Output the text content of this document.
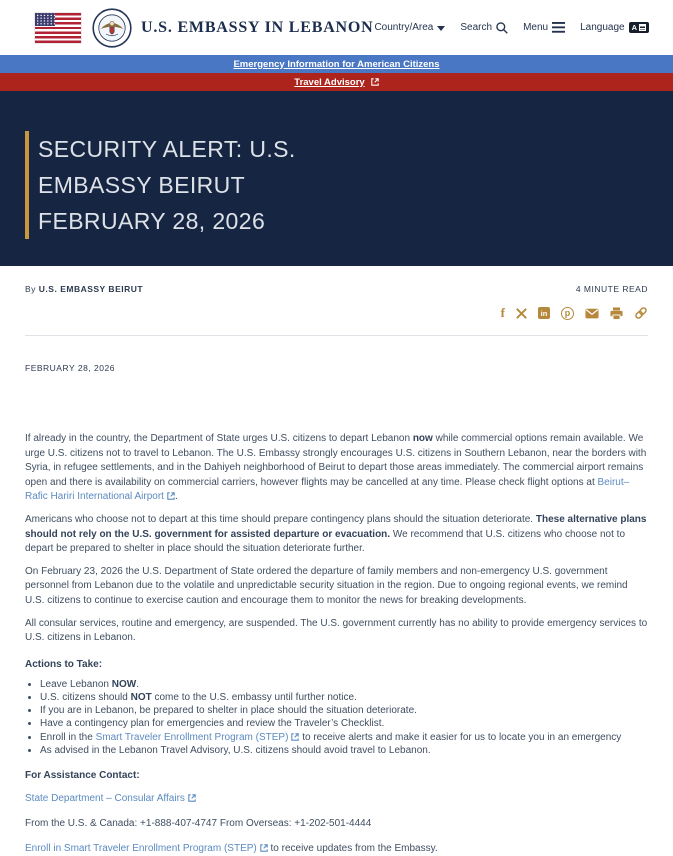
U.S. EMBASSY IN LEBANON Country/Area	Search	Menu	Language A
Emergency Information for American Citizens
Travel Advisory
SECURITY ALERT: U.S. EMBASSY BEIRUT FEBRUARY 28, 2026
By U.S. EMBASSY BEIRUT	4 MINUTE READ
f	in	p
FEBRUARY 28, 2026

If already in the country, the Department of State urges U.S. citizens to depart Lebanon now while commercial options remain available. We urge U.S. citizens not to travel to Lebanon. The U.S. Embassy strongly encourages U.S. citizens in Southern Lebanon, near the borders with Syria, in refugee settlements, and in the Dahiyeh neighborhood of Beirut to depart those areas immediately. The commercial airport remains open and there is availability on commercial carriers, however flights may be cancelled at any time. Please check flight options at Beirut–Rafic Hariri International Airport .

Americans who choose not to depart at this time should prepare contingency plans should the situation deteriorate. These alternative plans should not rely on the U.S. government for assisted departure or evacuation. We recommend that U.S. citizens who choose not to depart be prepared to shelter in place should the situation deteriorate further.

On February 23, 2026 the U.S. Department of State ordered the departure of family members and non-emergency U.S. government personnel from Lebanon due to the volatile and unpredictable security situation in the region. Due to ongoing regional events, we remind U.S. citizens to continue to exercise caution and encourage them to monitor the news for breaking developments.

All consular services, routine and emergency, are suspended. The U.S. government currently has no ability to provide emergency services to U.S. citizens in Lebanon.

Actions to Take:
• Leave Lebanon NOW.
• U.S. citizens should NOT come to the U.S. embassy until further notice.
• If you are in Lebanon, be prepared to shelter in place should the situation deteriorate.
• Have a contingency plan for emergencies and review the Traveler’s Checklist.
• Enroll in the Smart Traveler Enrollment Program (STEP) to receive alerts and make it easier for us to locate you in an emergency
• As advised in the Lebanon Travel Advisory, U.S. citizens should avoid travel to Lebanon.
For Assistance Contact:
State Department – Consular Affairs
From the U.S. & Canada: +1-888-407-4747 From Overseas: +1-202-501-4444
Enroll in Smart Traveler Enrollment Program (STEP) to receive updates from the Embassy.
